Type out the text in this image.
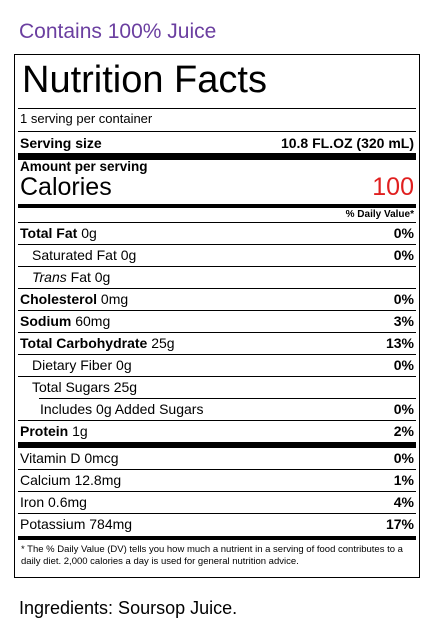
Contains 100% Juice
Nutrition Facts
1 serving per container
Serving size	10.8 FL.OZ (320 mL)
Amount per serving
Calories	100
% Daily Value*
Total Fat 0g	0%
Saturated Fat 0g	0%
Trans Fat 0g
Cholesterol 0mg	0%
Sodium 60mg	3%
Total Carbohydrate 25g	13%
Dietary Fiber 0g	0%
Total Sugars 25g
Includes 0g Added Sugars	0%
Protein 1g	2%
Vitamin D 0mcg	0%
Calcium 12.8mg	1%
Iron 0.6mg	4%
Potassium 784mg	17%
* The % Daily Value (DV) tells you how much a nutrient in a serving of food contributes to a daily diet. 2,000 calories a day is used for general nutrition advice.
Ingredients: Soursop Juice.
